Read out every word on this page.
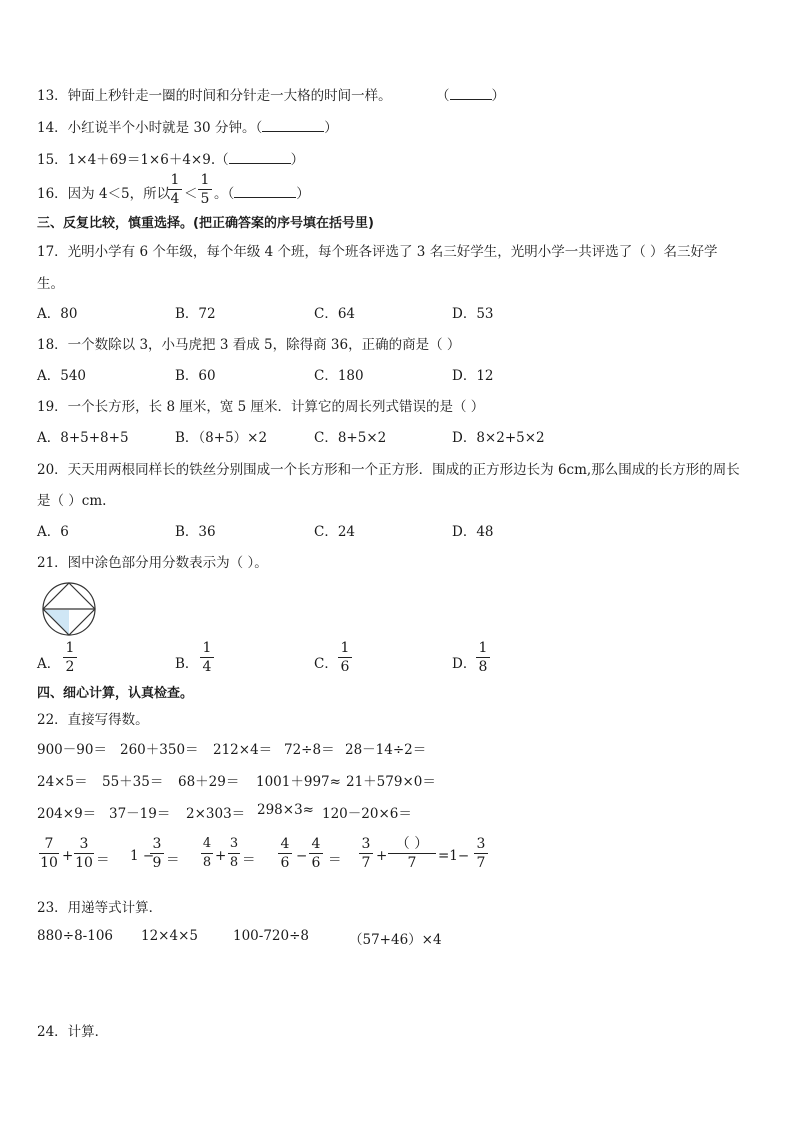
13．钟面上秒针走一圈的时间和分针走一大格的时间一样。	（	）
14．小红说半个小时就是 30 分钟。（	）
15．1×4＋69＝1×6＋4×9.（	）
16．因为 4＜5，所以
1
4 ＜
1
5 。（	）
三、反复比较，慎重选择。(把正确答案的序号填在括号里)
17．光明小学有 6 个年级，每个年级 4 个班，每个班各评选了 3 名三好学生，光明小学一共评选了（ ）名三好学
生。
A．80	B．72	C．64	D．53
18．一个数除以 3，小马虎把 3 看成 5，除得商 36，正确的商是（ ）
A．540	B．60	C．180	D．12
19．一个长方形，长 8 厘米，宽 5 厘米．计算它的周长列式错误的是（ ）
A．8+5+8+5	B．（8+5）×2	C．8+5×2	D．8×2+5×2
20．天天用两根同样长的铁丝分别围成一个长方形和一个正方形．围成的正方形边长为 6cm,那么围成的长方形的周长
是（ ）cm.
A．6	B．36	C．24	D．48
21．图中涂色部分用分数表示为（ ）。
A．
1
2	B．
1
4	C．
1
6	D．
1
8
四、细心计算，认真检查。
22．直接写得数。
900－90＝ 260＋350＝ 212×4＝ 72÷8＝ 28－14÷2＝
24×5＝ 55＋35＝ 68＋29＝ 1001＋997≈ 21＋579×0＝
204×9＝ 37－19＝ 2×303＝ 298×3≈ 120－20×6＝
7
10 +
3
10 ＝ 1 −
3
9 ＝
4
8 +
3
8 ＝
4
6 −
4
6 ＝
3
7 +
（ ）
7	=1−
3
7
23．用递等式计算．
880÷8-106 12×4×5	100-720÷8	（57+46）×4
24．计算．
